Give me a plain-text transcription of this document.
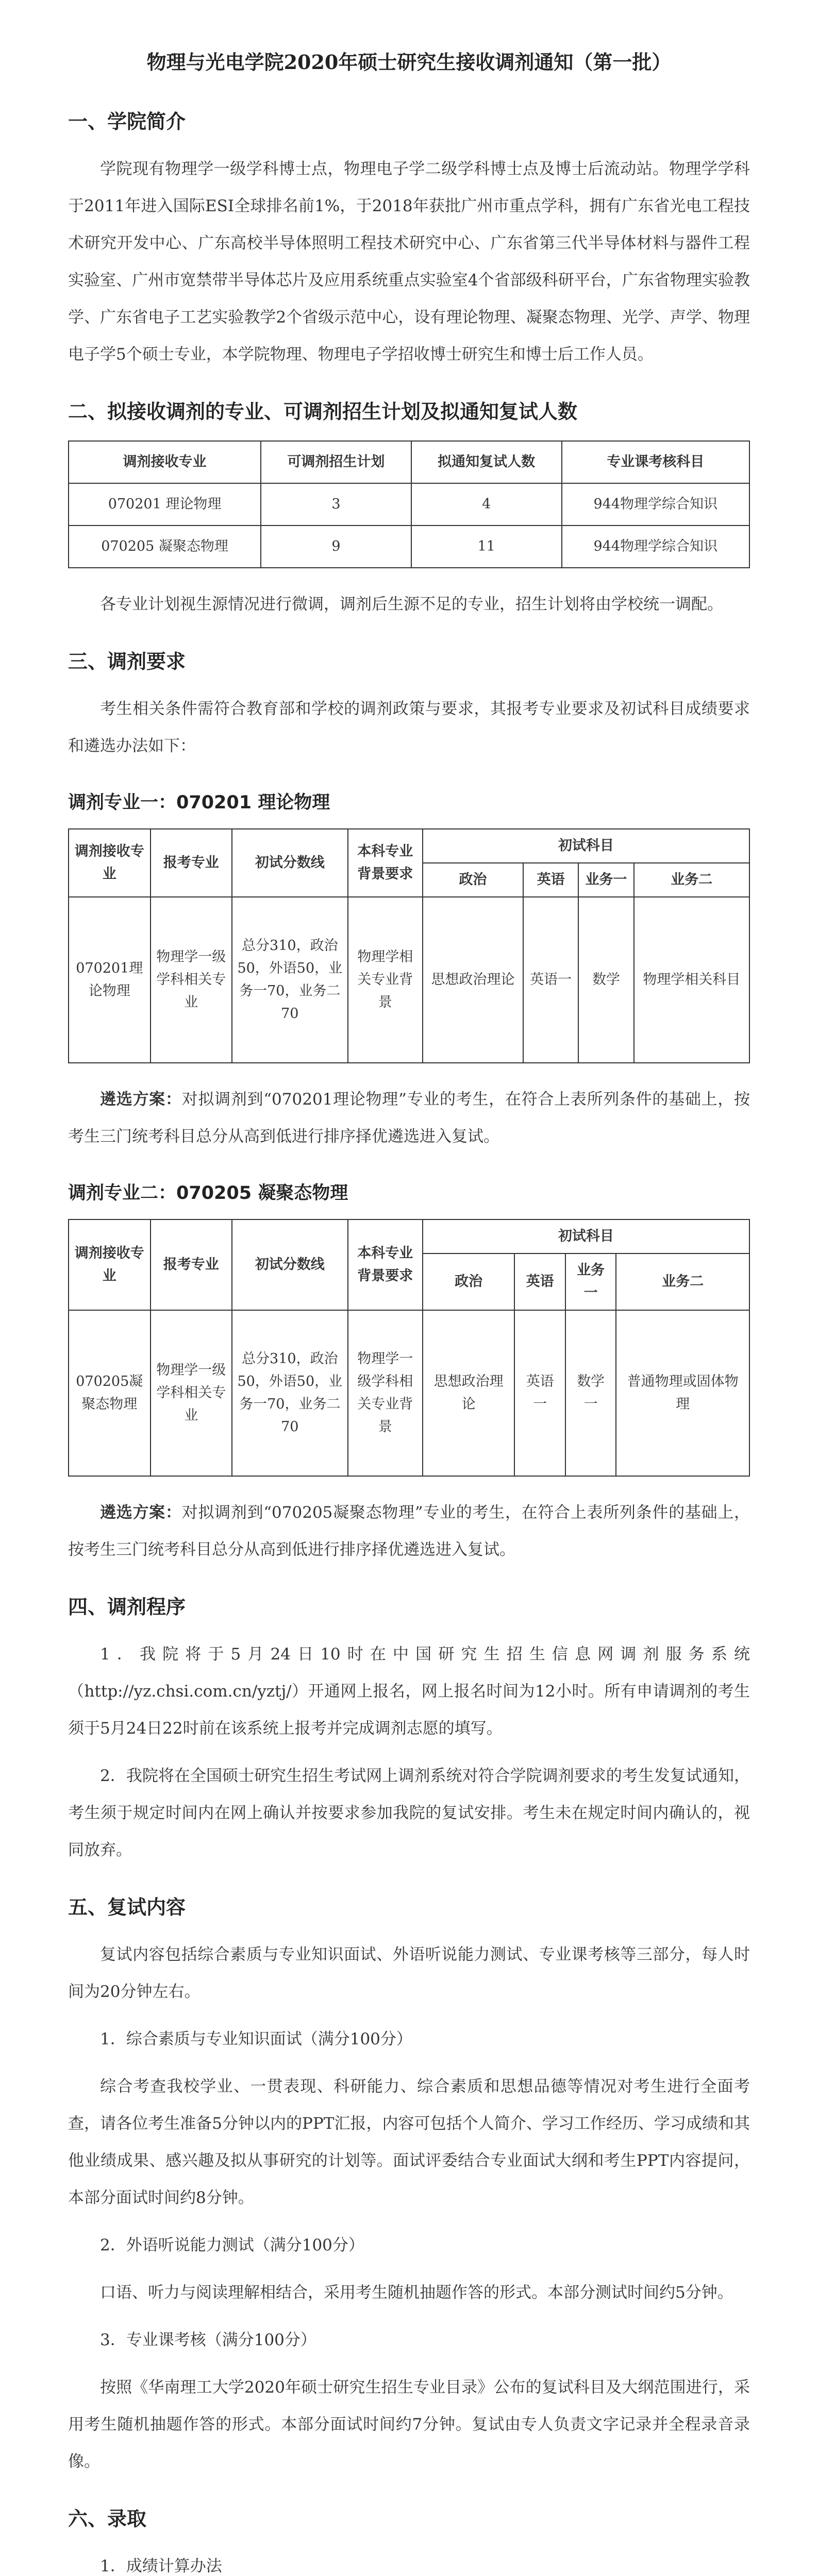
物理与光电学院2020年硕士研究生接收调剂通知（第一批）
一、学院简介

学院现有物理学一级学科博士点，物理电子学二级学科博士点及博士后流动站。物理学学科于2011年进入国际ESI全球排名前1%，于2018年获批广州市重点学科，拥有广东省光电工程技术研究开发中心、广东高校半导体照明工程技术研究中心、广东省第三代半导体材料与器件工程实验室、广州市宽禁带半导体芯片及应用系统重点实验室4个省部级科研平台，广东省物理实验教学、广东省电子工艺实验教学2个省级示范中心，设有理论物理、凝聚态物理、光学、声学、物理电子学5个硕士专业，本学院物理、物理电子学招收博士研究生和博士后工作人员。

二、拟接收调剂的专业、可调剂招生计划及拟通知复试人数
调剂接收专业	可调剂招生计划	拟通知复试人数	专业课考核科目
070201 理论物理	3	4	944物理学综合知识
070205 凝聚态物理	9	11	944物理学综合知识

各专业计划视生源情况进行微调，调剂后生源不足的专业，招生计划将由学校统一调配。

三、调剂要求

考生相关条件需符合教育部和学校的调剂政策与要求，其报考专业要求及初试科目成绩要求和遴选办法如下：

调剂专业一：070201 理论物理
调剂接收专业	报考专业	初试分数线	本科专业背景要求	初试科目			
				政治	英语	业务一	业务二
070201理论物理	物理学一级学科相关专业	总分310，政治50，外语50，业务一70，业务二70	物理学相关专业背景	思想政治理论	英语一	数学	物理学相关科目

遴选方案：对拟调剂到“070201理论物理”专业的考生，在符合上表所列条件的基础上，按考生三门统考科目总分从高到低进行排序择优遴选进入复试。

调剂专业二：070205 凝聚态物理
调剂接收专业	报考专业	初试分数线	本科专业背景要求	初试科目			
				政治	英语	业务一	业务二
070205凝聚态物理	物理学一级学科相关专业	总分310，政治50，外语50，业务一70，业务二70	物理学一级学科相关专业背景	思想政治理论	英语一	数学一	普通物理或固体物理

遴选方案：对拟调剂到“070205凝聚态物理”专业的考生，在符合上表所列条件的基础上，按考生三门统考科目总分从高到低进行排序择优遴选进入复试。

四、调剂程序

1．我院将于5月24日10时在中国研究生招生信息网调剂服务系统（http://yz.chsi.com.cn/yztj/）开通网上报名，网上报名时间为12小时。所有申请调剂的考生须于5月24日22时前在该系统上报考并完成调剂志愿的填写。

2．我院将在全国硕士研究生招生考试网上调剂系统对符合学院调剂要求的考生发复试通知，考生须于规定时间内在网上确认并按要求参加我院的复试安排。考生未在规定时间内确认的，视同放弃。

五、复试内容

复试内容包括综合素质与专业知识面试、外语听说能力测试、专业课考核等三部分，每人时间为20分钟左右。

1．综合素质与专业知识面试（满分100分）

综合考查我校学业、一贯表现、科研能力、综合素质和思想品德等情况对考生进行全面考查，请各位考生准备5分钟以内的PPT汇报，内容可包括个人简介、学习工作经历、学习成绩和其他业绩成果、感兴趣及拟从事研究的计划等。面试评委结合专业面试大纲和考生PPT内容提问，本部分面试时间约8分钟。

2．外语听说能力测试（满分100分）

口语、听力与阅读理解相结合，采用考生随机抽题作答的形式。本部分测试时间约5分钟。

3．专业课考核（满分100分）

按照《华南理工大学2020年硕士研究生招生专业目录》公布的复试科目及大纲范围进行，采用考生随机抽题作答的形式。本部分面试时间约7分钟。复试由专人负责文字记录并全程录音录像。

六、录取

1．成绩计算办法
